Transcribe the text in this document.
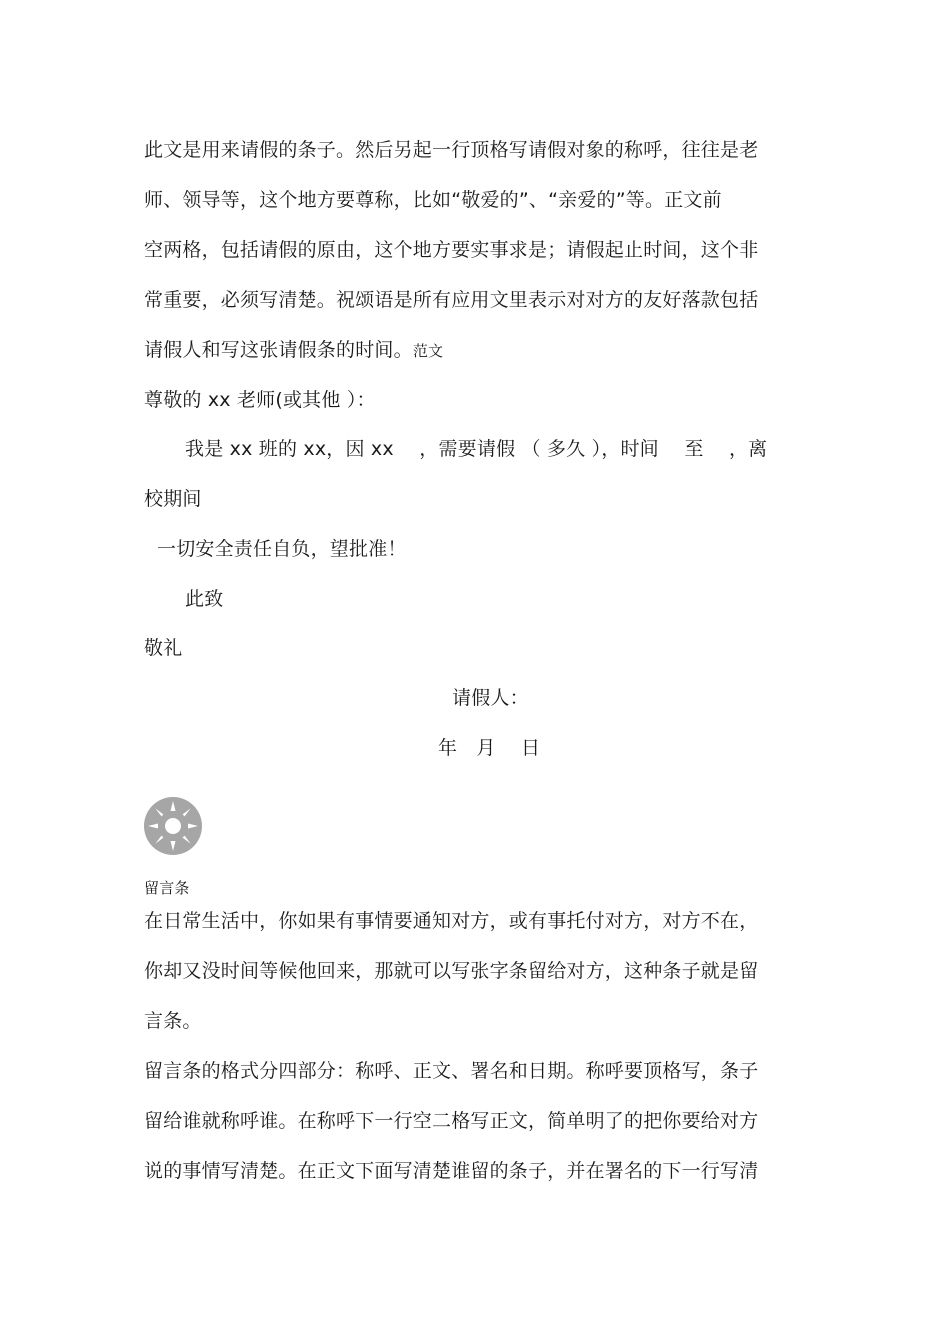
此文是用来请假的条子。然后另起一行顶格写请假对象的称呼，往往是老
师、领导等，这个地方要尊称，比如“敬爱的”、“亲爱的”等。正文前
空两格，包括请假的原由，这个地方要实事求是；请假起止时间，这个非
常重要，必须写清楚。祝颂语是所有应用文里表示对对方的友好落款包括
请假人和写这张请假条的时间。范文
尊敬的 xx 老师(或其他 ）：
我是 xx 班的 xx，因 xx　 ，需要请假 （ 多久 ），时间　 至　 ，离
校期间
一切安全责任自负，望批准！
此致
敬礼
请假人：
年　月　 日
留言条
在日常生活中，你如果有事情要通知对方，或有事托付对方，对方不在，
你却又没时间等候他回来，那就可以写张字条留给对方，这种条子就是留
言条。
留言条的格式分四部分：称呼、正文、署名和日期。称呼要顶格写，条子
留给谁就称呼谁。在称呼下一行空二格写正文，简单明了的把你要给对方
说的事情写清楚。在正文下面写清楚谁留的条子，并在署名的下一行写清
